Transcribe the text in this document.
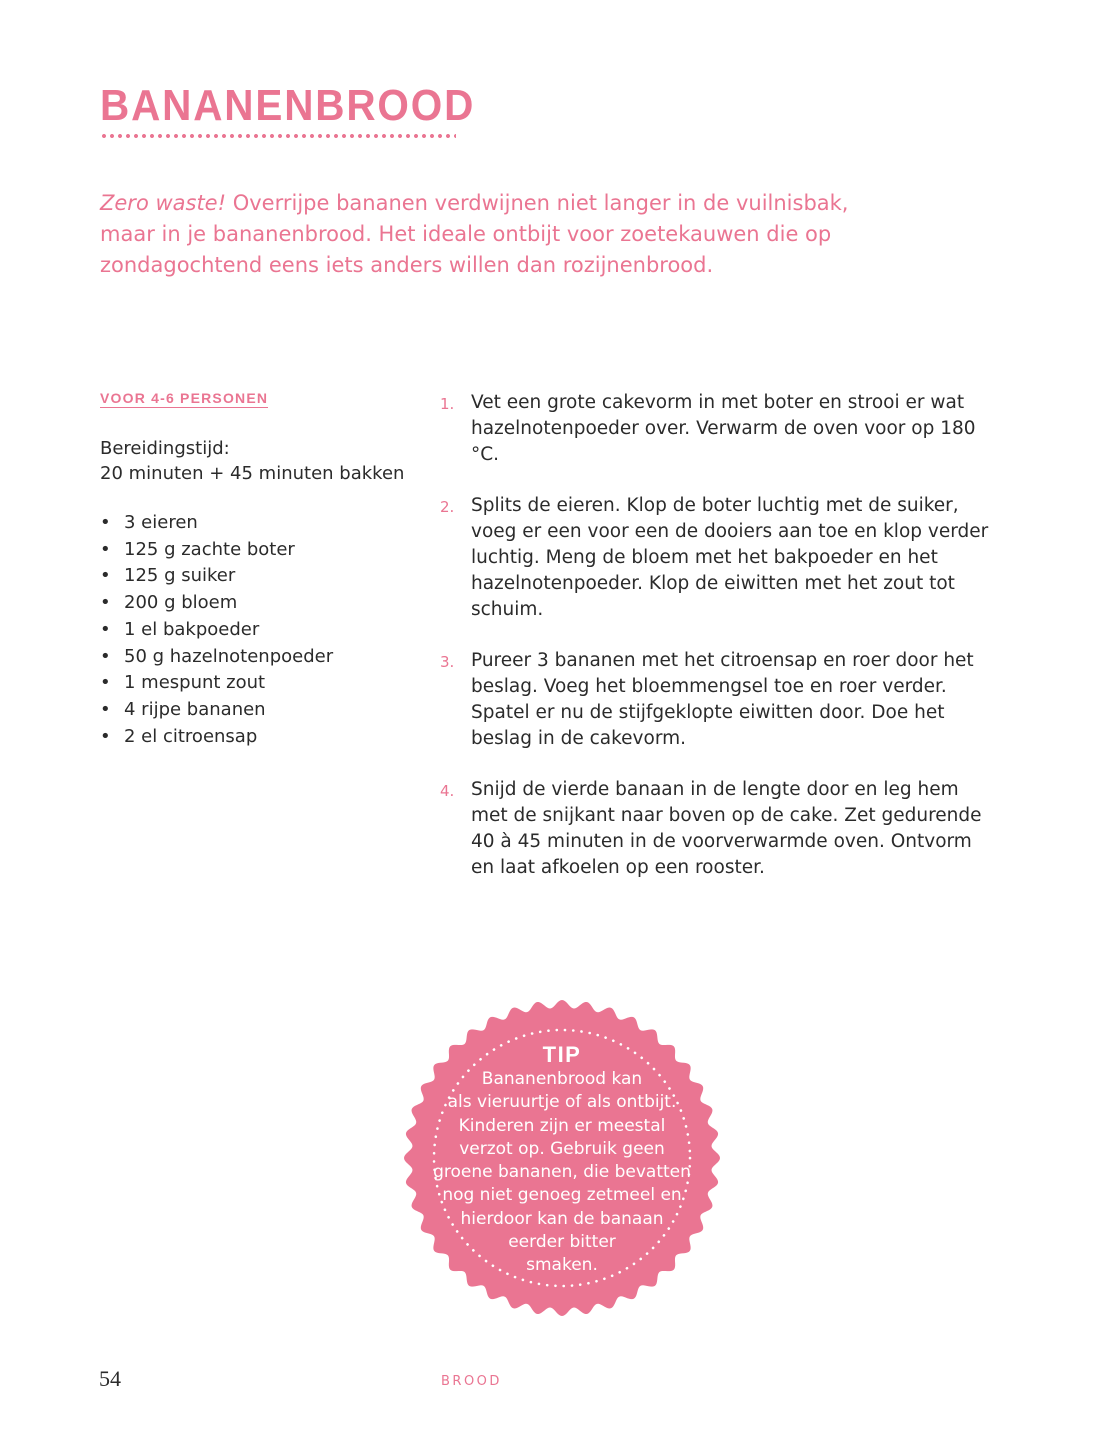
BANANENBROOD

Zero waste! Overrijpe bananen verdwijnen niet langer in de vuilnisbak, maar in je bananenbrood. Het ideale ontbijt voor zoetekauwen die op zondagochtend eens iets anders willen dan rozijnenbrood.

VOOR 4-6 PERSONEN

Bereidingstijd:
20 minuten + 45 minuten bakken

• 3 eieren
• 125 g zachte boter
• 125 g suiker
• 200 g bloem
• 1 el bakpoeder
• 50 g hazelnotenpoeder
• 1 mespunt zout
• 4 rijpe bananen
• 2 el citroensap
1. Vet een grote cakevorm in met boter en strooi er wat hazelnotenpoeder over. Verwarm de oven voor op 180 °C.
2. Splits de eieren. Klop de boter luchtig met de suiker, voeg er een voor een de dooiers aan toe en klop verder luchtig. Meng de bloem met het bakpoeder en het hazelnotenpoeder. Klop de eiwitten met het zout tot schuim.
3. Pureer 3 bananen met het citroensap en roer door het beslag. Voeg het bloemmengsel toe en roer verder. Spatel er nu de stijfgeklopte eiwitten door. Doe het beslag in de cakevorm.
4. Snijd de vierde banaan in de lengte door en leg hem met de snijkant naar boven op de cake. Zet gedurende 40 à 45 minuten in de voorverwarmde oven. Ontvorm en laat afkoelen op een rooster.
TIP
Bananenbrood kan
als vieruurtje of als ontbijt.
Kinderen zijn er meestal
verzot op. Gebruik geen
groene bananen, die bevatten
nog niet genoeg zetmeel en
hierdoor kan de banaan
eerder bitter
smaken.

54	BROOD
